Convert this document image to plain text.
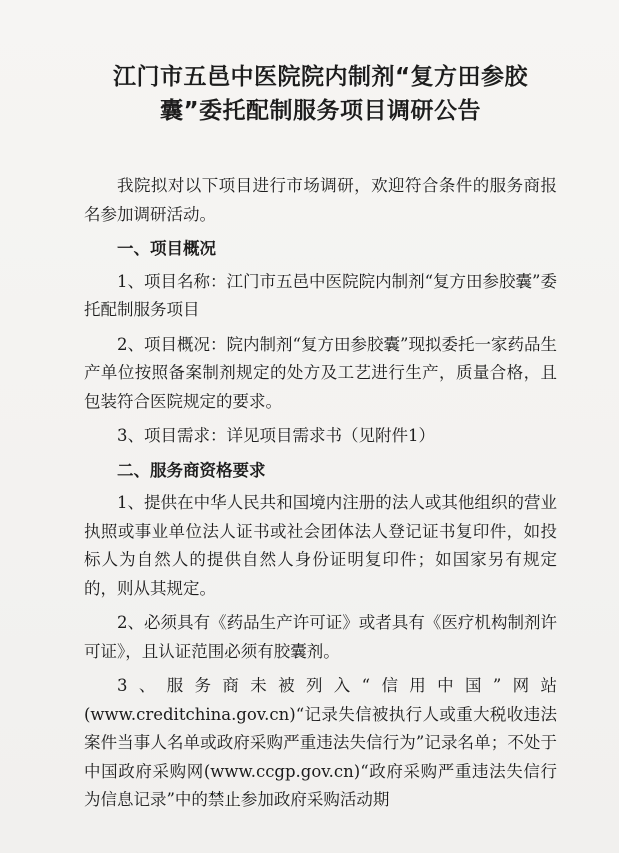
江门市五邑中医院院内制剂“复方田参胶
囊”委托配制服务项目调研公告

我院拟对以下项目进行市场调研，欢迎符合条件的服务商报名参加调研活动。

一、项目概况

1、项目名称：江门市五邑中医院院内制剂“复方田参胶囊”委托配制服务项目

2、项目概况：院内制剂“复方田参胶囊”现拟委托一家药品生产单位按照备案制剂规定的处方及工艺进行生产，质量合格，且包装符合医院规定的要求。

3、项目需求：详见项目需求书（见附件1）

二、服务商资格要求

1、提供在中华人民共和国境内注册的法人或其他组织的营业执照或事业单位法人证书或社会团体法人登记证书复印件，如投标人为自然人的提供自然人身份证明复印件；如国家另有规定的，则从其规定。

2、必须具有《药品生产许可证》或者具有《医疗机构制剂许可证》，且认证范围必须有胶囊剂。

3、服务商未被列入“信用中国”网站(www.creditchina.gov.cn)“记录失信被执行人或重大税收违法案件当事人名单或政府采购严重违法失信行为”记录名单；不处于中国政府采购网(www.ccgp.gov.cn)“政府采购严重违法失信行为信息记录”中的禁止参加政府采购活动期
